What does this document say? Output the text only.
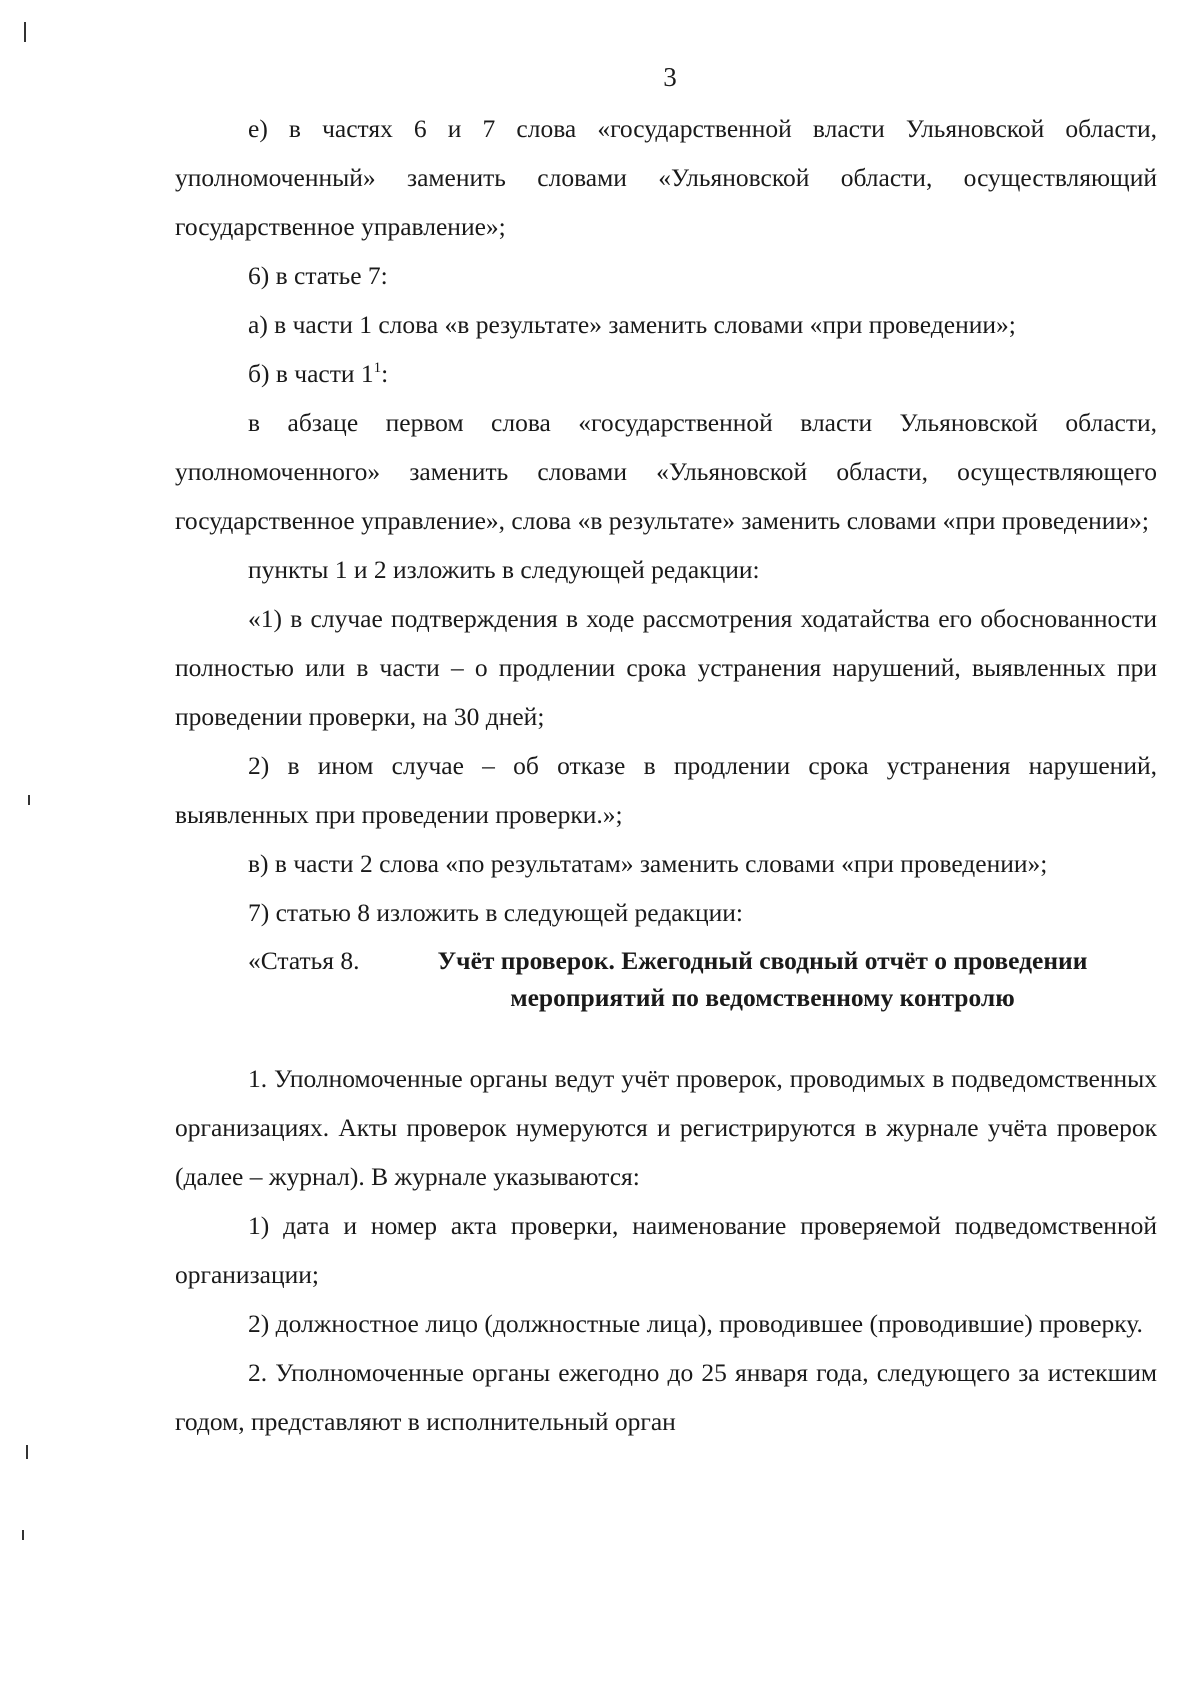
3

е) в частях 6 и 7 слова «государственной власти Ульяновской области, уполномоченный» заменить словами «Ульяновской области, осуществляющий государственное управление»;

6) в статье 7:

а) в части 1 слова «в результате» заменить словами «при проведении»;

б) в части $1^1$:

в абзаце первом слова «государственной власти Ульяновской области, уполномоченного» заменить словами «Ульяновской области, осуществляющего государственное управление», слова «в результате» заменить словами «при проведении»;

пункты 1 и 2 изложить в следующей редакции:

«1) в случае подтверждения в ходе рассмотрения ходатайства его обоснованности полностью или в части – о продлении срока устранения нарушений, выявленных при проведении проверки, на 30 дней;

2) в ином случае – об отказе в продлении срока устранения нарушений, выявленных при проведении проверки.»;

в) в части 2 слова «по результатам» заменить словами «при проведении»;

7) статью 8 изложить в следующей редакции:

«Статья 8.	Учёт проверок. Ежегодный сводный отчёт о проведении мероприятий по ведомственному контролю

1. Уполномоченные органы ведут учёт проверок, проводимых в подведомственных организациях. Акты проверок нумеруются и регистрируются в журнале учёта проверок (далее – журнал). В журнале указываются:

1) дата и номер акта проверки, наименование проверяемой подведомственной организации;

2) должностное лицо (должностные лица), проводившее (проводившие) проверку.

2. Уполномоченные органы ежегодно до 25 января года, следующего за истекшим годом, представляют в исполнительный орган
